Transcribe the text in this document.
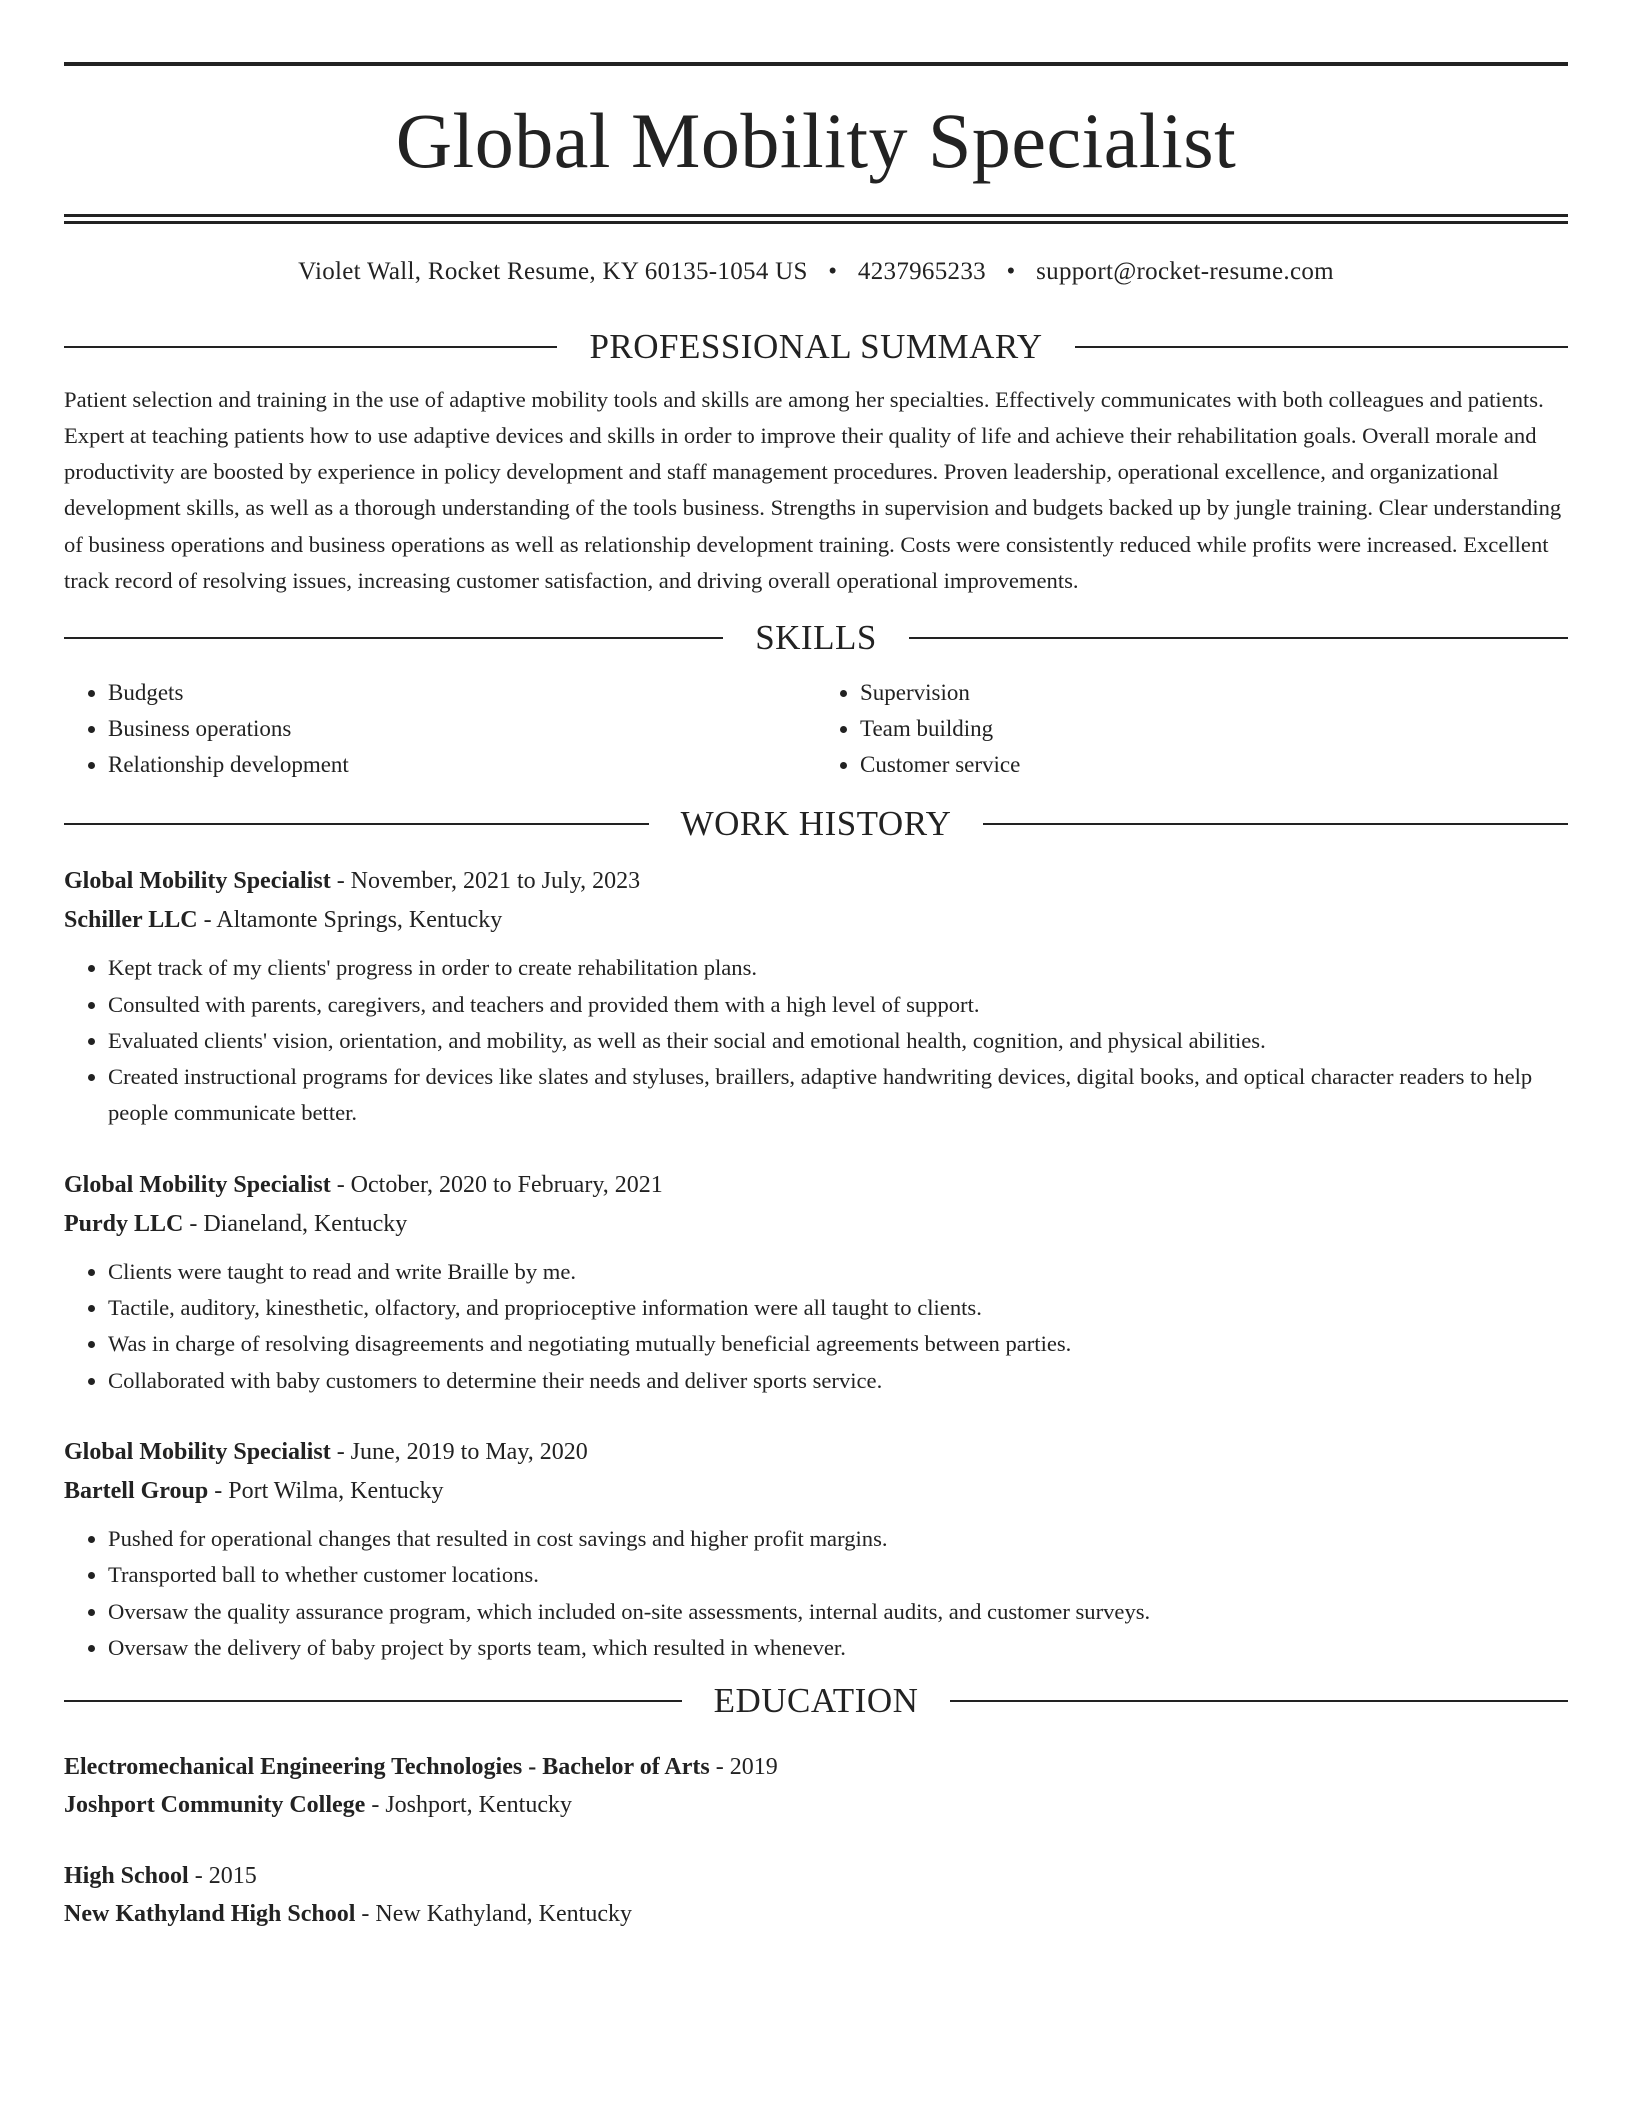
Global Mobility Specialist
Violet Wall, Rocket Resume, KY 60135-1054 US • 4237965233 • support@rocket-resume.com
PROFESSIONAL SUMMARY
Patient selection and training in the use of adaptive mobility tools and skills are among her specialties. Effectively communicates with both colleagues and patients. Expert at teaching patients how to use adaptive devices and skills in order to improve their quality of life and achieve their rehabilitation goals. Overall morale and productivity are boosted by experience in policy development and staff management procedures. Proven leadership, operational excellence, and organizational development skills, as well as a thorough understanding of the tools business. Strengths in supervision and budgets backed up by jungle training. Clear understanding of business operations and business operations as well as relationship development training. Costs were consistently reduced while profits were increased. Excellent track record of resolving issues, increasing customer satisfaction, and driving overall operational improvements.
SKILLS
• Budgets
• Business operations
• Relationship development
• Supervision
• Team building
• Customer service
WORK HISTORY
Global Mobility Specialist - November, 2021 to July, 2023
Schiller LLC - Altamonte Springs, Kentucky
• Kept track of my clients' progress in order to create rehabilitation plans.
• Consulted with parents, caregivers, and teachers and provided them with a high level of support.
• Evaluated clients' vision, orientation, and mobility, as well as their social and emotional health, cognition, and physical abilities.
• Created instructional programs for devices like slates and styluses, braillers, adaptive handwriting devices, digital books, and optical character readers to help people communicate better.
Global Mobility Specialist - October, 2020 to February, 2021
Purdy LLC - Dianeland, Kentucky
• Clients were taught to read and write Braille by me.
• Tactile, auditory, kinesthetic, olfactory, and proprioceptive information were all taught to clients.
• Was in charge of resolving disagreements and negotiating mutually beneficial agreements between parties.
• Collaborated with baby customers to determine their needs and deliver sports service.
Global Mobility Specialist - June, 2019 to May, 2020
Bartell Group - Port Wilma, Kentucky
• Pushed for operational changes that resulted in cost savings and higher profit margins.
• Transported ball to whether customer locations.
• Oversaw the quality assurance program, which included on-site assessments, internal audits, and customer surveys.
• Oversaw the delivery of baby project by sports team, which resulted in whenever.
EDUCATION
Electromechanical Engineering Technologies - Bachelor of Arts - 2019
Joshport Community College - Joshport, Kentucky
High School - 2015
New Kathyland High School - New Kathyland, Kentucky
